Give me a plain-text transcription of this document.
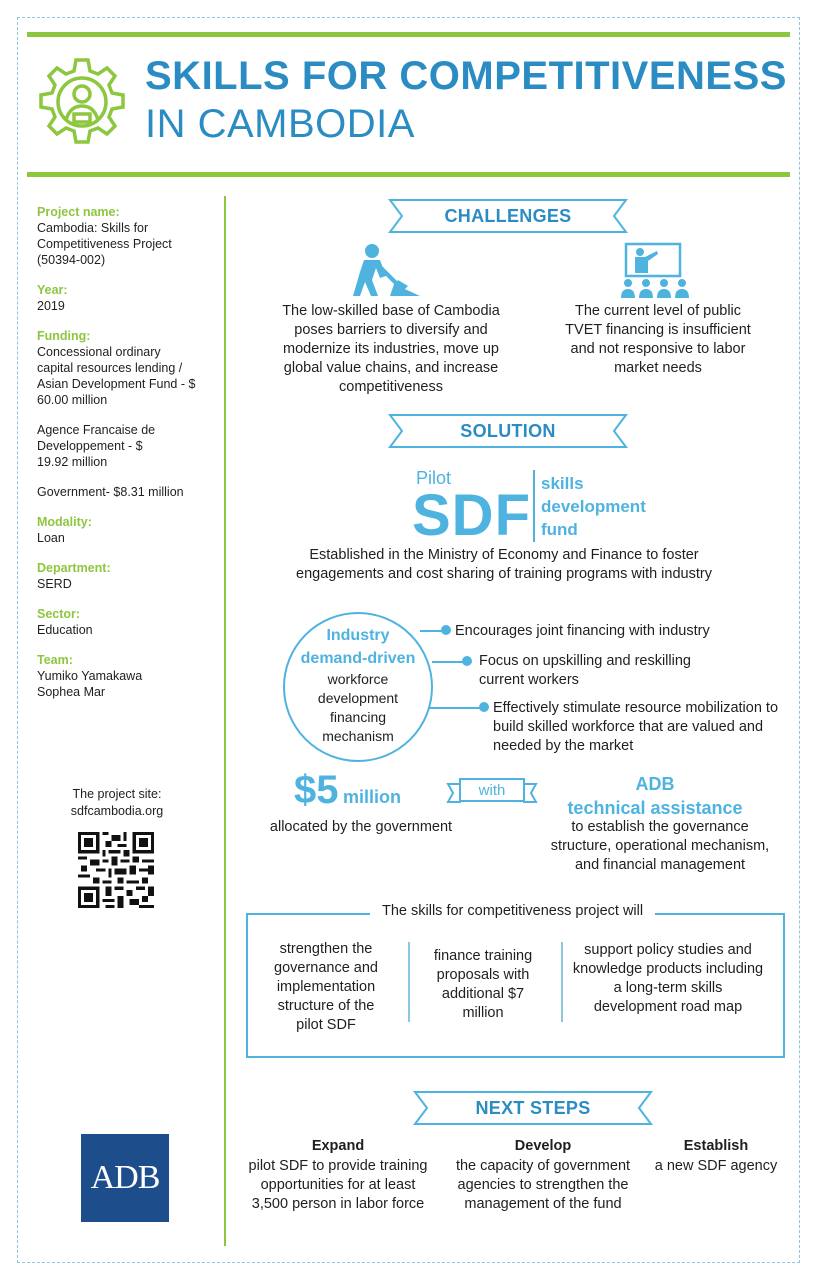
SKILLS FOR COMPETITIVENESS
IN CAMBODIA
Project name:
Cambodia: Skills for Competitiveness Project (50394-002)
Year:
2019
Funding:
Concessional ordinary capital resources lending / Asian Development Fund - $ 60.00 million
Agence Francaise de Developpement - $ 19.92 million
Government- $8.31 million
Modality:
Loan
Department:
SERD
Sector:
Education
Team:
Yumiko Yamakawa
Sophea Mar
The project site:
sdfcambodia.org
ADB
CHALLENGES
The low-skilled base of Cambodia poses barriers to diversify and modernize its industries, move up global value chains, and increase competitiveness
The current level of public TVET financing is insufficient and not responsive to labor market needs
SOLUTION
Pilot
SDF skills
development
fund
Established in the Ministry of Economy and Finance to foster engagements and cost sharing of training programs with industry
Industry
demand-driven
workforce development financing mechanism
Encourages joint financing with industry
Focus on upskilling and reskilling current workers
Effectively stimulate resource mobilization to build skilled workforce that are valued and needed by the market
$5 million
allocated by the government
with	ADB
technical assistance
to establish the governance structure, operational mechanism, and financial management
The skills for competitiveness project will
strengthen the governance and implementation structure of the pilot SDF
finance training proposals with additional $7 million
support policy studies and knowledge products including a long-term skills development road map
NEXT STEPS
Expand
pilot SDF to provide training opportunities for at least 3,500 person in labor force
Develop
the capacity of government agencies to strengthen the management of the fund
Establish
a new SDF agency
